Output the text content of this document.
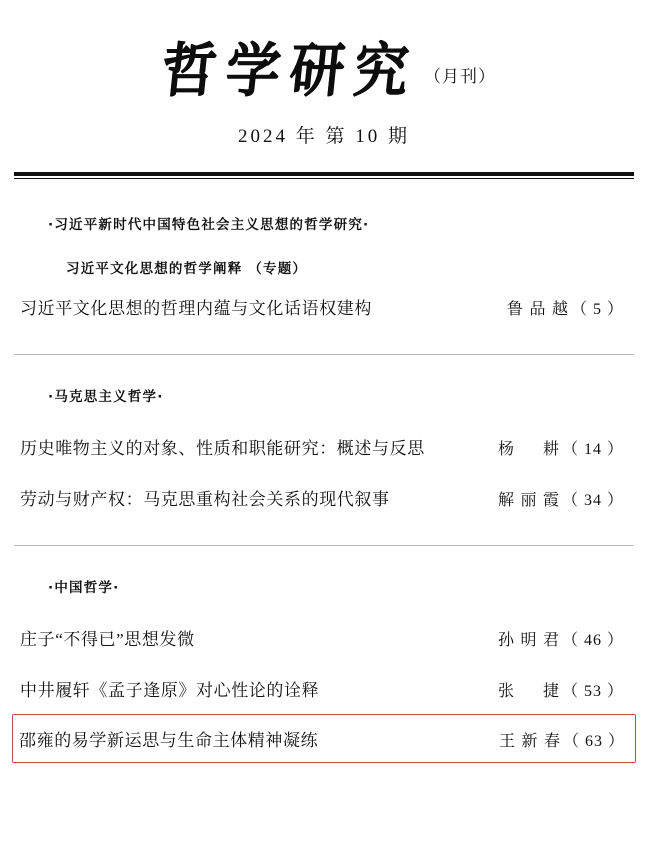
哲学研究 （月刊）
2024 年 第 10 期
·习近平新时代中国特色社会主义思想的哲学研究·
习近平文化思想的哲学阐释 （专题）
习近平文化思想的哲理内蕴与文化话语权建构	鲁品越 （ 5 ）
·马克思主义哲学·
历史唯物主义的对象、性质和职能研究：概述与反思	杨 耕 （ 14 ）
劳动与财产权：马克思重构社会关系的现代叙事	解丽霞 （ 34 ）
·中国哲学·
庄子“不得已”思想发微	孙明君 （ 46 ）
中井履轩《孟子逢原》对心性论的诠释	张 捷 （ 53 ）
邵雍的易学新运思与生命主体精神凝练	王新春 （ 63 ）
